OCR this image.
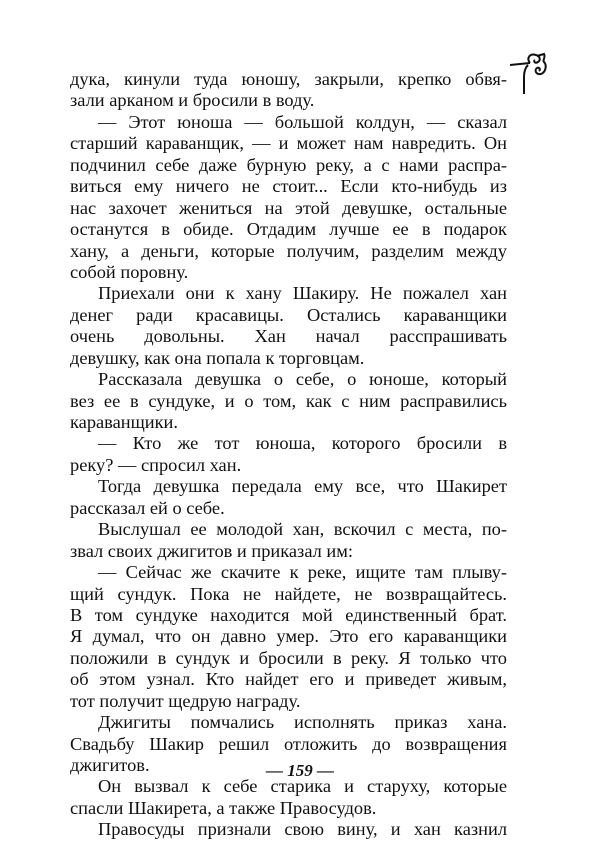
дука, кинули туда юношу, закрыли, крепко обвя-
зали арканом и бросили в воду.
— Этот юноша — большой колдун, — сказал
старший караванщик, — и может нам навредить. Он
подчинил себе даже бурную реку, а с нами распра-
виться ему ничего не стоит... Если кто-нибудь из
нас захочет жениться на этой девушке, остальные
останутся в обиде. Отдадим лучше ее в подарок
хану, а деньги, которые получим, разделим между
собой поровну.
Приехали они к хану Шакиру. Не пожалел хан
денег ради красавицы. Остались караванщики
очень довольны. Хан начал расспрашивать
девушку, как она попала к торговцам.
Рассказала девушка о себе, о юноше, который
вез ее в сундуке, и о том, как с ним расправились
караванщики.
— Кто же тот юноша, которого бросили в
реку? — спросил хан.
Тогда девушка передала ему все, что Шакирет
рассказал ей о себе.
Выслушал ее молодой хан, вскочил с места, по-
звал своих джигитов и приказал им:
— Сейчас же скачите к реке, ищите там плыву-
щий сундук. Пока не найдете, не возвращайтесь.
В том сундуке находится мой единственный брат.
Я думал, что он давно умер. Это его караванщики
положили в сундук и бросили в реку. Я только что
об этом узнал. Кто найдет его и приведет живым,
тот получит щедрую награду.
Джигиты помчались исполнять приказ хана.
Свадьбу Шакир решил отложить до возвращения
джигитов.
Он вызвал к себе старика и старуху, которые
спасли Шакирета, а также Правосудов.
Правосуды признали свою вину, и хан казнил
— 159 —
